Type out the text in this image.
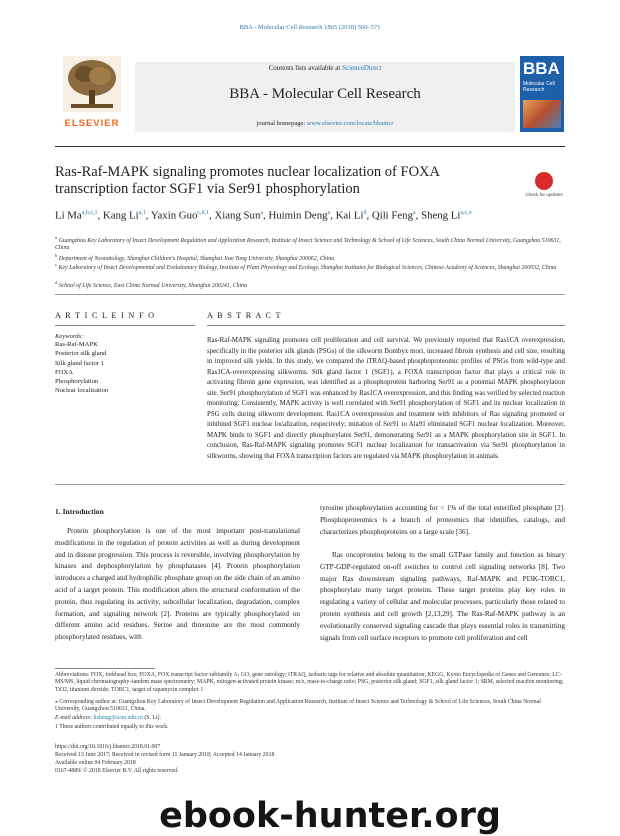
BBA - Molecular Cell Research 1865 (2018) 560–571
ELSEVIER
Contents lists available at ScienceDirect
BBA - Molecular Cell Research
journal homepage: www.elsevier.com/locate/bbamcr
BBA
Molecular Cell Research
Ras-Raf-MAPK signaling promotes nuclear localization of FOXA transcription factor SGF1 via Ser91 phosphorylation	Check for updates
Li Ma$^{a,b,c,1}$, Kang Li$^{a,1}$, Yaxin Guo$^{c,d,1}$, Xiang Sun$^a$, Huimin Deng$^a$, Kai Li$^d$, Qili Feng$^a$, Sheng $Li^{a,c,⁎}$
$^a$ Guangzhou Key Laboratory of Insect Development Regulation and Application Research, Institute of Insect Science and Technology & School of Life Sciences, South China Normal University, Guangzhou 510631, China
$^b$ Department of Neonatology, Shanghai Children's Hospital, Shanghai Jiao Tong University, Shanghai 200062, China
$^c$ Key Laboratory of Insect Developmental and Evolutionary Biology, Institute of Plant Physiology and Ecology, Shanghai Institutes for Biological Sciences, Chinese Academy of Sciences, Shanghai 200032, China
$^d$ School of Life Science, East China Normal University, Shanghai 200241, China
A R T I C L E I N F O
Keywords:
Ras-Raf-MAPK
Posterior silk gland
Silk gland factor 1
FOXA
Phosphorylation
Nuclear localization
A B S T R A C T
Ras-Raf-MAPK signaling promotes cell proliferation and cell survival. We previously reported that Ras1CA overexpression, specifically in the posterior silk glands (PSGs) of the silkworm Bombyx mori, increased fibroin synthesis and cell size, resulting in improved silk yields. In this study, we compared the iTRAQ-based phosphoproteomic profiles of PSGs from wild-type and Ras1CA-overexpressing silkworms. Silk gland factor 1 (SGF1), a FOXA transcription factor that plays a critical role in activating fibroin gene expression, was identified as a phosphoprotein harboring Ser91 as a potential MAPK phosphorylation site. Ser91 phosphorylation of SGF1 was enhanced by Ras1CA overexpression, and this finding was verified by selected reaction monitoring. Consistently, MAPK activity is well correlated with Ser91 phosphorylation of SGF1 and its nuclear localization in PSG cells during silkworm development. Ras1CA overexpression and treatment with inhibitors of Ras signaling promoted or inhibited SGF1 nuclear localization, respectively; mutation of Ser91 to Ala91 eliminated SGF1 nuclear localization. Moreover, MAPK binds to SGF1 and directly phosphorylates Ser91, demonstrating Ser91 as a MAPK phosphorylation site in SGF1. In conclusion, Ras-Raf-MAPK signaling promotes SGF1 nuclear localization for transactivation via Ser91 phosphorylation in silkworms, showing that FOXA transcription factors are regulated via MAPK phosphorylation in animals.
1. Introduction
Protein phosphorylation is one of the most important post-translational modifications in the regulation of protein activities as well as during development and in disease progression. This process is reversible, involving phosphorylation by kinases and dephosphorylation by phosphatases [4]. Protein phosphorylation introduces a charged and hydrophilic phosphate group on the side chain of an amino acid of a target protein. This modification alters the structural conformation of the protein, thus regulating its activity, subcellular localization, degradation, complex formation, and signaling network [2]. Proteins are typically phosphorylated on different amino acid residues. Serine and threonine are the most commonly phosphorylated residues, with
tyrosine phosphorylation accounting for < 1% of the total esterified phosphate [2]. Phosphoproteomics is a branch of proteomics that identifies, catalogs, and characterizes phosphoproteins on a large scale [36].
Ras oncoproteins belong to the small GTPase family and function as binary GTP-GDP-regulated on-off switches to control cell signaling networks [8]. Two major Ras downstream signaling pathways, Raf-MAPK and PI3K-TORC1, phosphorylate many target proteins. These target proteins play key roles in regulating a variety of cellular and molecular processes, particularly those related to protein synthesis and cell growth [2,13,29]. The Ras-Raf-MAPK pathway is an evolutionarily conserved signaling cascade that plays essential roles in transmitting signals from cell surface receptors to promote cell proliferation and cell
Abbreviations: FOX, forkhead box; FOXA, FOX transcript factor subfamily A; GO, gene ontology; iTRAQ, isobaric tags for relative and absolute quantitation; KEGG, Kyoto Encyclopedia of Genes and Genomes; LC-MS/MS, liquid chromatography–tandem mass spectrometry; MAPK, mitogen-activated protein kinase; m/z, mass-to-charge ratio; PSG, posterior silk gland; SGF1, silk gland factor 1; SRM, selected reaction monitoring; TiO2, titanium dioxide; TORC1, target of rapamycin complex 1
⁎ Corresponding author at: Guangzhou Key Laboratory of Insect Development Regulation and Application Research, Institute of Insect Science and Technology & School of Life Sciences, South China Normal University, Guangzhou 510631, China.
E-mail address: lisheng@scnu.edu.cn (S. Li).
1 These authors contributed equally to this work.
https://doi.org/10.1016/j.bbamcr.2018.01.007
Received 13 June 2017; Received in revised form 11 January 2018; Accepted 14 January 2018
Available online 04 February 2018
0167-4889/ © 2018 Elsevier B.V. All rights reserved.
ebook-hunter.org
